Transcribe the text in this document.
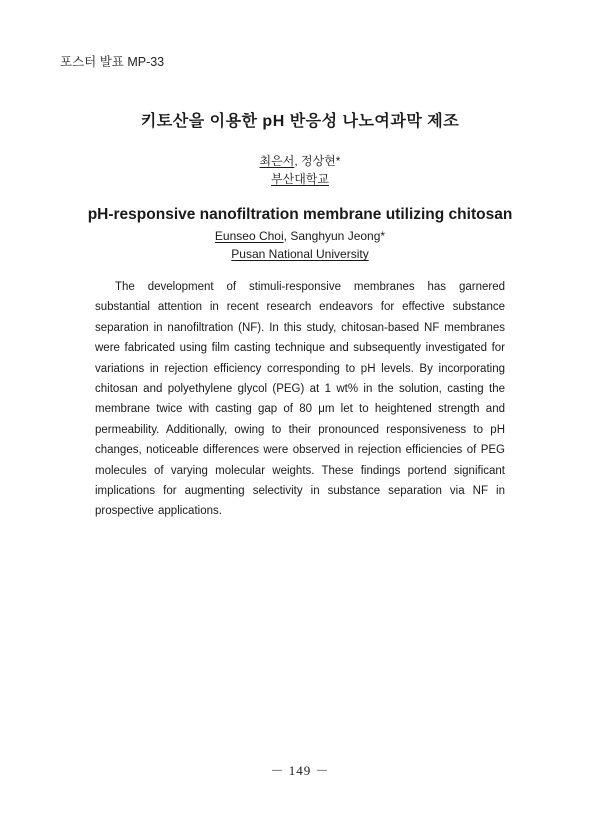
포스터 발표 MP-33
키토산을 이용한 pH 반응성 나노여과막 제조
최은서, 정상현*
부산대학교
pH-responsive nanofiltration membrane utilizing chitosan
Eunseo Choi, Sanghyun Jeong*
Pusan National University

The development of stimuli-responsive membranes has garnered substantial attention in recent research endeavors for effective substance separation in nanofiltration (NF). In this study, chitosan-based NF membranes were fabricated using film casting technique and subsequently investigated for variations in rejection efficiency corresponding to pH levels. By incorporating chitosan and polyethylene glycol (PEG) at 1 wt% in the solution, casting the membrane twice with casting gap of 80 μm let to heightened strength and permeability. Additionally, owing to their pronounced responsiveness to pH changes, noticeable differences were observed in rejection efficiencies of PEG molecules of varying molecular weights. These findings portend significant implications for augmenting selectivity in substance separation via NF in prospective applications.

－ 149 －
